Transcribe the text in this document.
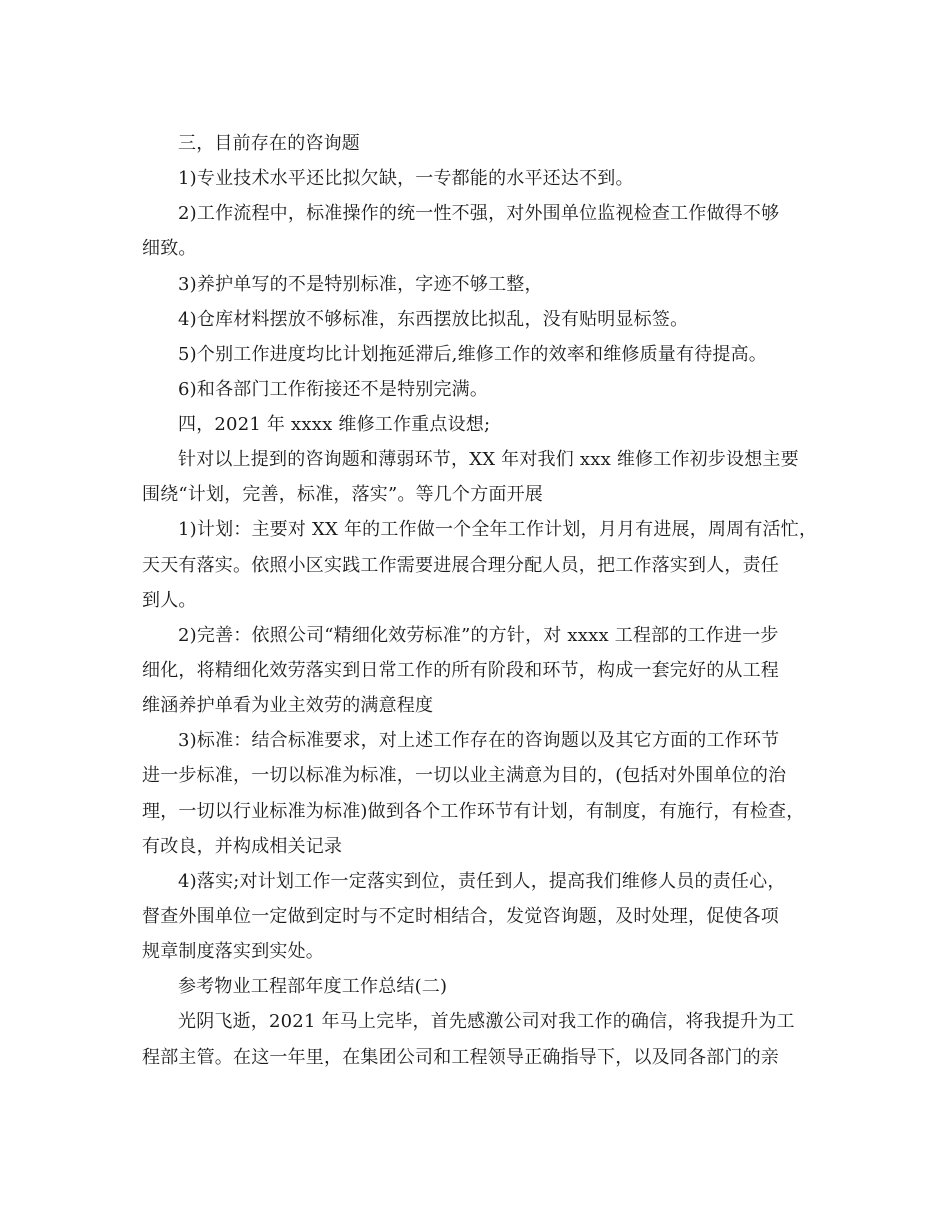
三，目前存在的咨询题
1)专业技术水平还比拟欠缺，一专都能的水平还达不到。
2)工作流程中，标准操作的统一性不强，对外围单位监视检查工作做得不够
细致。
3)养护单写的不是特别标准，字迹不够工整，
4)仓库材料摆放不够标准，东西摆放比拟乱，没有贴明显标签。
5)个别工作进度均比计划拖延滞后,维修工作的效率和维修质量有待提高。
6)和各部门工作衔接还不是特别完满。
四，2021 年 xxxx 维修工作重点设想;
针对以上提到的咨询题和薄弱环节，XX 年对我们 xxx 维修工作初步设想主要
围绕“计划，完善，标准，落实”。等几个方面开展
1)计划：主要对 XX 年的工作做一个全年工作计划，月月有进展，周周有活忙，
天天有落实。依照小区实践工作需要进展合理分配人员，把工作落实到人，责任
到人。
2)完善：依照公司“精细化效劳标准”的方针，对 xxxx 工程部的工作进一步
细化，将精细化效劳落实到日常工作的所有阶段和环节，构成一套完好的从工程
维涵养护单看为业主效劳的满意程度
3)标准：结合标准要求，对上述工作存在的咨询题以及其它方面的工作环节
进一步标准，一切以标准为标准，一切以业主满意为目的，(包括对外围单位的治
理，一切以行业标准为标准)做到各个工作环节有计划，有制度，有施行，有检查，
有改良，并构成相关记录
4)落实;对计划工作一定落实到位，责任到人，提高我们维修人员的责任心，
督查外围单位一定做到定时与不定时相结合，发觉咨询题，及时处理，促使各项
规章制度落实到实处。
参考物业工程部年度工作总结(二)
光阴飞逝，2021 年马上完毕，首先感激公司对我工作的确信，将我提升为工
程部主管。在这一年里，在集团公司和工程领导正确指导下，以及同各部门的亲
